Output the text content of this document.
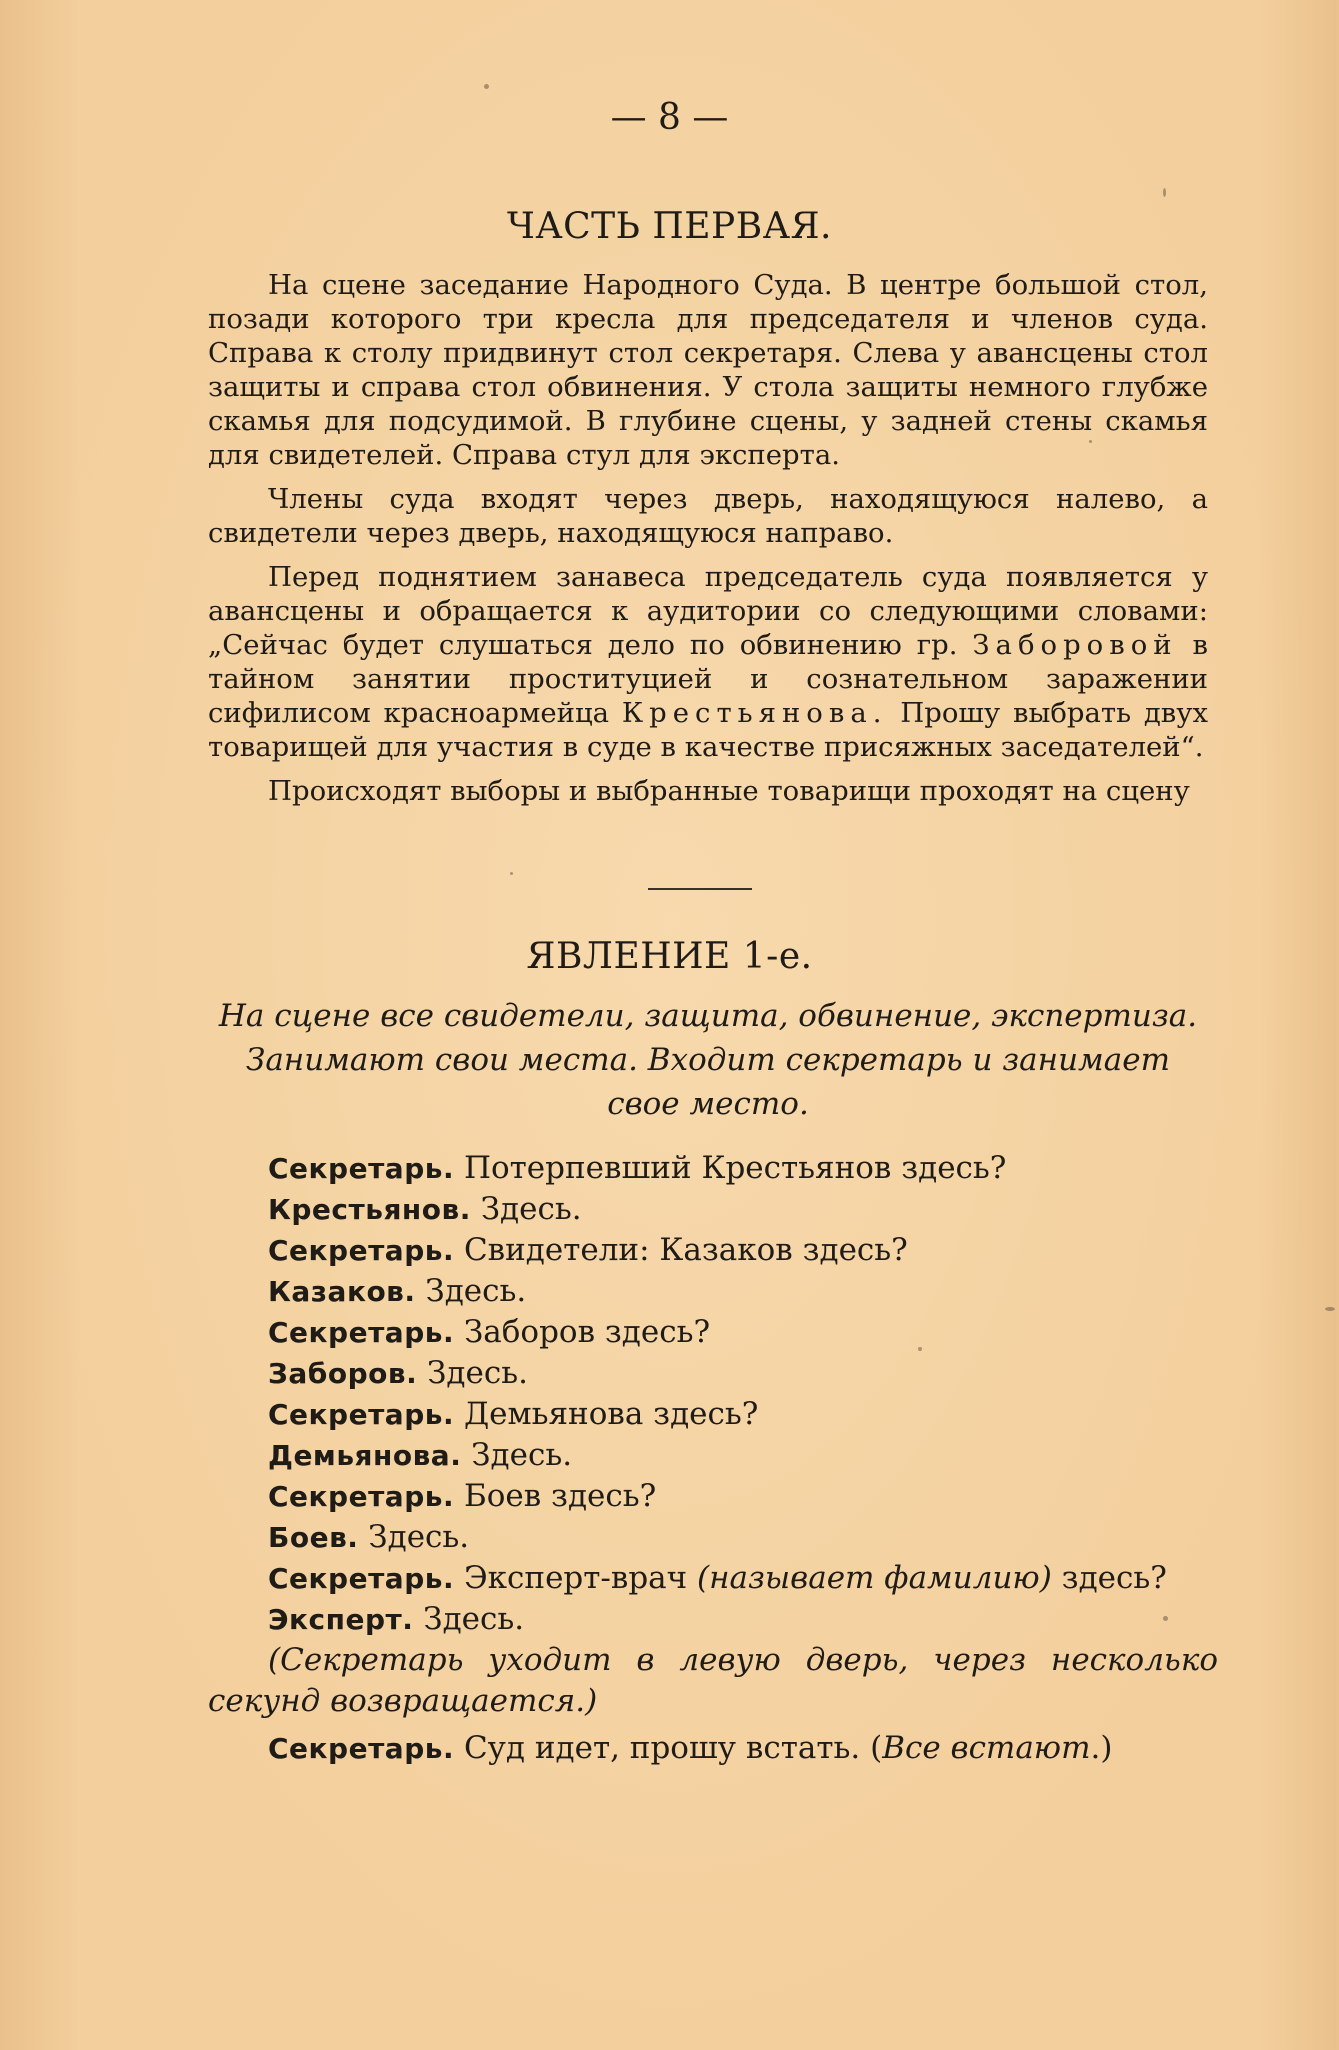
— 8 —
ЧАСТЬ ПЕРВАЯ.

На сцене заседание Народного Суда. В центре большой стол, позади которого три кресла для председателя и членов суда. Справа к столу придвинут стол секретаря. Слева у авансцены стол защиты и справа стол обвинения. У стола защиты немного глубже скамья для подсудимой. В глубине сцены, у задней стены скамья для свидетелей. Справа стул для эксперта.

Члены суда входят через дверь, находящуюся налево, а свидетели через дверь, находящуюся направо.

Перед поднятием занавеса председатель суда появляется у авансцены и обращается к аудитории со следующими словами: „Сейчас будет слушаться дело по обвинению гр. Заборовой в тайном занятии проституцией и сознательном заражении сифилисом красноармейца Крестьянова. Прошу выбрать двух товарищей для участия в суде в качестве присяжных заседателей“.

Происходят выборы и выбранные товарищи проходят на сцену

ЯВЛЕНИЕ 1-е.
На сцене все свидетели, защита, обвинение, экспертиза. Занимают свои места. Входит секретарь и занимает свое место.
Секретарь. Потерпевший Крестьянов здесь?
Крестьянов. Здесь.
Секретарь. Свидетели: Казаков здесь?
Казаков. Здесь.
Секретарь. Заборов здесь?
Заборов. Здесь.
Секретарь. Демьянова здесь?
Демьянова. Здесь.
Секретарь. Боев здесь?
Боев. Здесь.
Секретарь. Эксперт-врач (называет фамилию) здесь?
Эксперт. Здесь.
(Секретарь уходит в левую дверь, через несколько секунд возвращается.)
Секретарь. Суд идет, прошу встать. (Все встают.)
